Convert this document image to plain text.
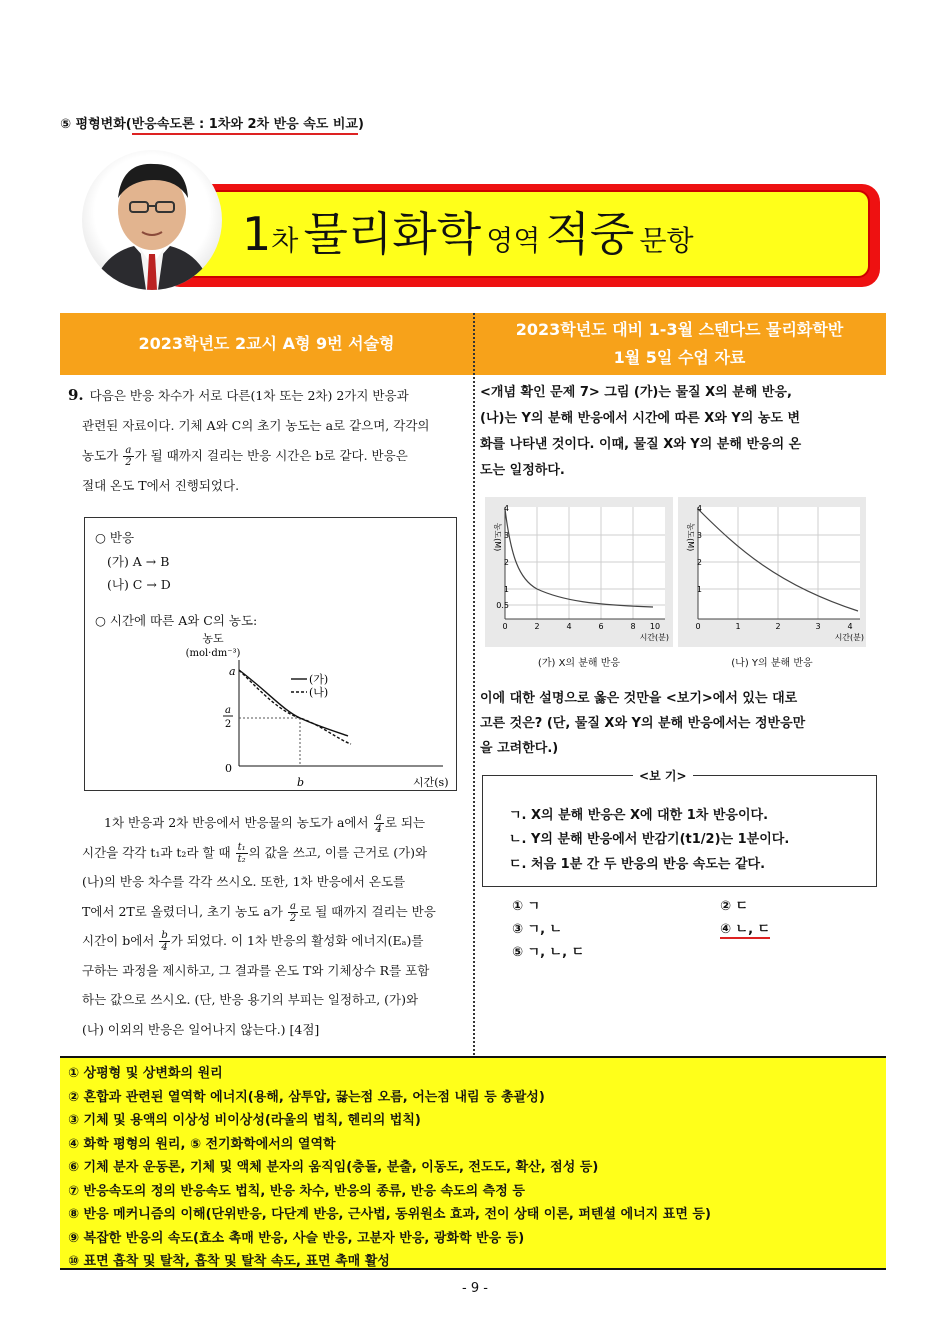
⑤ 평형변화(반응속도론 : 1차와 2차 반응 속도 비교)
1차 물리화학 영역 적중 문항
2023학년도 2교시 A형 9번 서술형
2023학년도 대비 1-3월 스텐다드 물리화학반
1월 5일 수업 자료
9. 다음은 반응 차수가 서로 다른(1차 또는 2차) 2가지 반응과
관련된 자료이다. 기체 A와 C의 초기 농도는 a로 같으며, 각각의
농도가 $\frac{a}{2}$ 가 될 때까지 걸리는 반응 시간은 b로 같다. 반응은
절대 온도 T에서 진행되었다.
○ 반응
(가) A → B
(나) C → D
○ 시간에 따른 A와 C의 농도:
농도
(mol·dm⁻³)
a
a
2
0
b	시간(s)
(가)
(나)
1차 반응과 2차 반응에서 반응물의 농도가 a에서 $\frac{a}{4}$ 로 되는
시간을 각각 t₁과 t₂라 할 때 $\frac{\text{t₁}}{\text{t₂}}$ 의 값을 쓰고, 이를 근거로 (가)와
(나)의 반응 차수를 각각 쓰시오. 또한, 1차 반응에서 온도를
T에서 2T로 올렸더니, 초기 농도 a가 $\frac{a}{2}$ 로 될 때까지 걸리는 반응
시간이 b에서 $\frac{b}{4}$ 가 되었다. 이 1차 반응의 활성화 에너지(Eₐ)를
구하는 과정을 제시하고, 그 결과를 온도 T와 기체상수 R를 포함
하는 값으로 쓰시오. (단, 반응 용기의 부피는 일정하고, (가)와
(나) 이외의 반응은 일어나지 않는다.) [4점]
<개념 확인 문제 7> 그림 (가)는 물질 X의 분해 반응,
(나)는 Y의 분해 반응에서 시간에 따른 X와 Y의 농도 변
화를 나타낸 것이다. 이때, 물질 X와 Y의 분해 반응의 온
도는 일정하다.
농도(M)
4
3
2
1
0.5
0	2	4	6	8 10
시간(분)
(가) X의 분해 반응
농도(M)
4
3
2
1
0	1	2	3	4
시간(분)
(나) Y의 분해 반응
이에 대한 설명으로 옳은 것만을 <보기>에서 있는 대로
고른 것은? (단, 물질 X와 Y의 분해 반응에서는 정반응만
을 고려한다.)
<보 기>
ㄱ. X의 분해 반응은 X에 대한 1차 반응이다.
ㄴ. Y의 분해 반응에서 반감기(t1/2)는 1분이다.
ㄷ. 처음 1분 간 두 반응의 반응 속도는 같다.
① ㄱ	② ㄷ
③ ㄱ, ㄴ	④ ㄴ, ㄷ
⑤ ㄱ, ㄴ, ㄷ
① 상평형 및 상변화의 원리
② 혼합과 관련된 열역학 에너지(용해, 삼투압, 끓는점 오름, 어는점 내림 등 총괄성)
③ 기체 및 용액의 이상성 비이상성(라울의 법칙, 헨리의 법칙)
④ 화학 평형의 원리, ⑤ 전기화학에서의 열역학
⑥ 기체 분자 운동론, 기체 및 액체 분자의 움직임(충돌, 분출, 이동도, 전도도, 확산, 점성 등)
⑦ 반응속도의 정의 반응속도 법칙, 반응 차수, 반응의 종류, 반응 속도의 측정 등
⑧ 반응 메커니즘의 이해(단위반응, 다단계 반응, 근사법, 동위원소 효과, 전이 상태 이론, 퍼텐셜 에너지 표면 등)
⑨ 복잡한 반응의 속도(효소 촉매 반응, 사슬 반응, 고분자 반응, 광화학 반응 등)
⑩ 표면 흡착 및 탈착, 흡착 및 탈착 속도, 표면 촉매 활성
- 9 -
